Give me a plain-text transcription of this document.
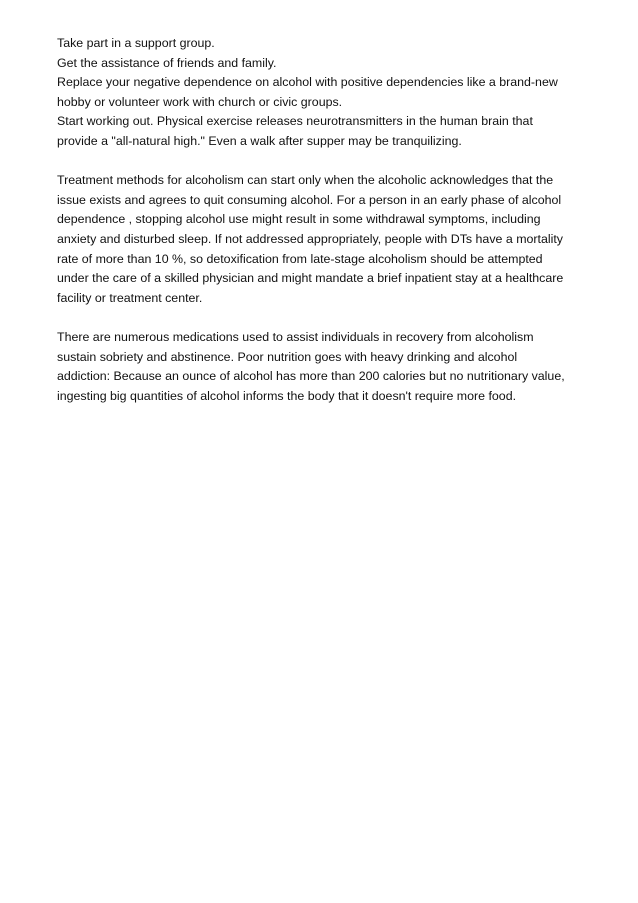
Take part in a support group.
Get the assistance of friends and family.
Replace your negative dependence on alcohol with positive dependencies like a brand-new
hobby or volunteer work with church or civic groups.
Start working out. Physical exercise releases neurotransmitters in the human brain that
provide a "all-natural high." Even a walk after supper may be tranquilizing.
Treatment methods for alcoholism can start only when the alcoholic acknowledges that the
issue exists and agrees to quit consuming alcohol. For a person in an early phase of alcohol
dependence , stopping alcohol use might result in some withdrawal symptoms, including
anxiety and disturbed sleep. If not addressed appropriately, people with DTs have a mortality
rate of more than 10 %, so detoxification from late-stage alcoholism should be attempted
under the care of a skilled physician and might mandate a brief inpatient stay at a healthcare
facility or treatment center.
There are numerous medications used to assist individuals in recovery from alcoholism
sustain sobriety and abstinence. Poor nutrition goes with heavy drinking and alcohol
addiction: Because an ounce of alcohol has more than 200 calories but no nutritionary value,
ingesting big quantities of alcohol informs the body that it doesn't require more food.
